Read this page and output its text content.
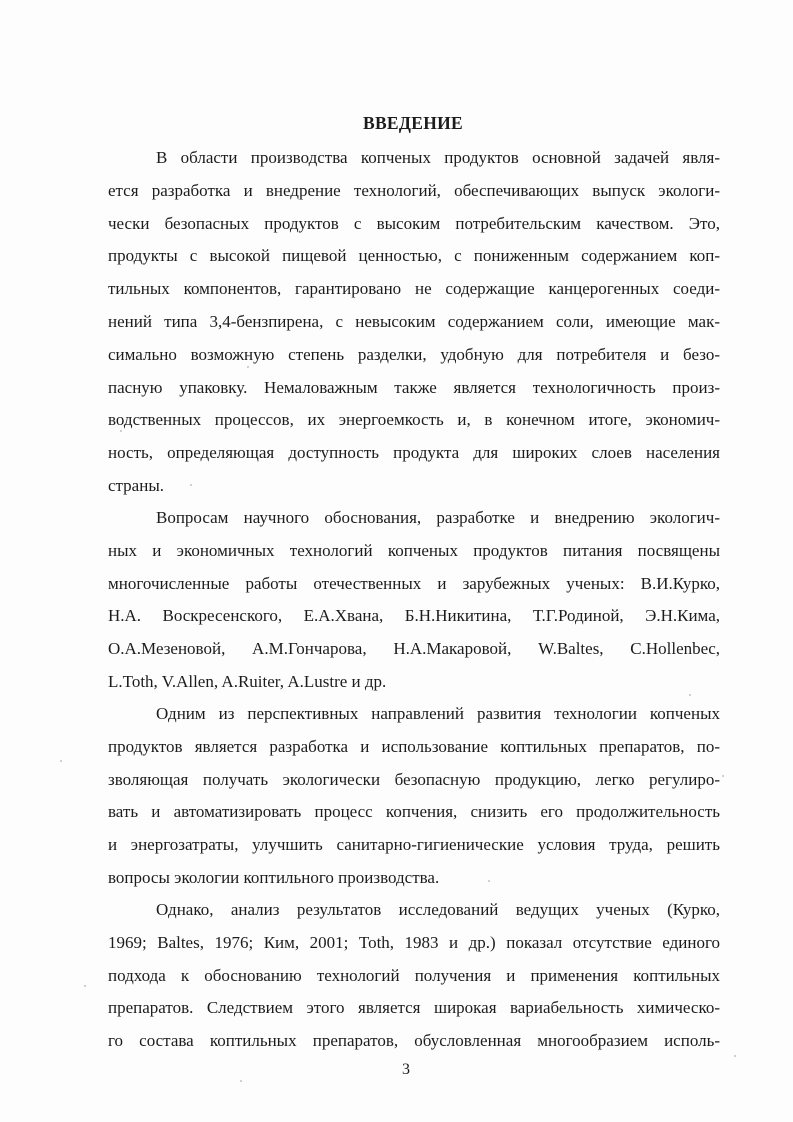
ВВЕДЕНИЕ
В области производства копченых продуктов основной задачей явля-
ется разработка и внедрение технологий, обеспечивающих выпуск экологи-
чески безопасных продуктов с высоким потребительским качеством. Это,
продукты с высокой пищевой ценностью, с пониженным содержанием коп-
тильных компонентов, гарантировано не содержащие канцерогенных соеди-
нений типа 3,4-бензпирена, с невысоким содержанием соли, имеющие мак-
симально возможную степень разделки, удобную для потребителя и безо-
пасную упаковку. Немаловажным также является технологичность произ-
водственных процессов, их энергоемкость и, в конечном итоге, экономич-
ность, определяющая доступность продукта для широких слоев населения
страны.
Вопросам научного обоснования, разработке и внедрению экологич-
ных и экономичных технологий копченых продуктов питания посвящены
многочисленные работы отечественных и зарубежных ученых: В.И.Курко,
Н.А. Воскресенского, Е.А.Хвана, Б.Н.Никитина, Т.Г.Родиной, Э.Н.Кима,
О.А.Мезеновой, А.М.Гончарова, Н.А.Макаровой, W.Baltes, C.Hollenbec,
L.Toth, V.Allen, A.Ruiter, A.Lustre и др.
Одним из перспективных направлений развития технологии копченых
продуктов является разработка и использование коптильных препаратов, по-
зволяющая получать экологически безопасную продукцию, легко регулиро-
вать и автоматизировать процесс копчения, снизить его продолжительность
и энергозатраты, улучшить санитарно-гигиенические условия труда, решить
вопросы экологии коптильного производства.
Однако, анализ результатов исследований ведущих ученых (Курко,
1969; Baltes, 1976; Ким, 2001; Toth, 1983 и др.) показал отсутствие единого
подхода к обоснованию технологий получения и применения коптильных
препаратов. Следствием этого является широкая вариабельность химическо-
го состава коптильных препаратов, обусловленная многообразием исполь-
3
